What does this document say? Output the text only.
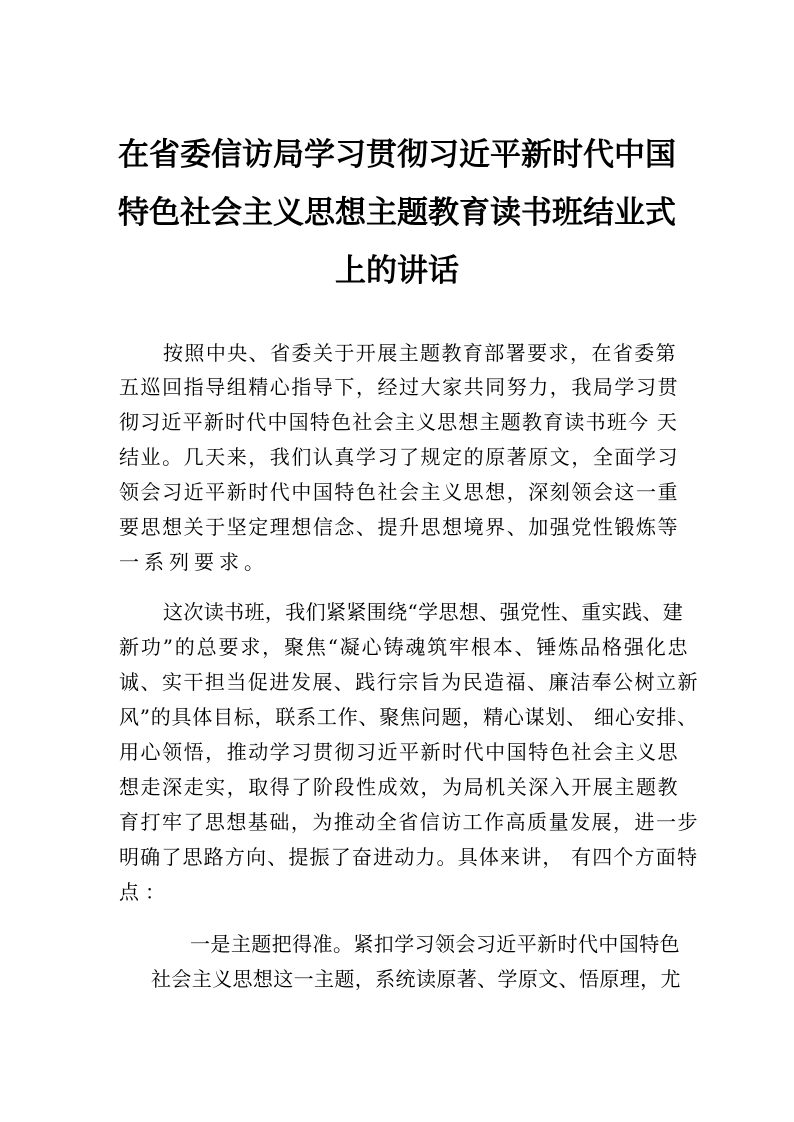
在省委信访局学习贯彻习近平新时代中国
特色社会主义思想主题教育读书班结业式
上的讲话
按照中央、省委关于开展主题教育部署要求，在省委第
五巡回指导组精心指导下，经过大家共同努力，我局学习贯
彻习近平新时代中国特色社会主义思想主题教育读书班今 天
结业。几天来，我们认真学习了规定的原著原文，全面学习
领会习近平新时代中国特色社会主义思想，深刻领会这一重
要思想关于坚定理想信念、提升思想境界、加强党性锻炼等
一系列要求。
这次读书班，我们紧紧围绕“学思想、强党性、重实践、建
新功”的总要求，聚焦“凝心铸魂筑牢根本、锤炼品格强化忠
诚、实干担当促进发展、践行宗旨为民造福、廉洁奉公树立新
风”的具体目标，联系工作、聚焦问题，精心谋划、 细心安排、
用心领悟，推动学习贯彻习近平新时代中国特色社会主义思
想走深走实，取得了阶段性成效，为局机关深入开展主题教
育打牢了思想基础，为推动全省信访工作高质量发展，进一步
明确了思路方向、提振了奋进动力。具体来讲， 有四个方面特
点：
一是主题把得准。紧扣学习领会习近平新时代中国特色
社会主义思想这一主题，系统读原著、学原文、悟原理，尤
